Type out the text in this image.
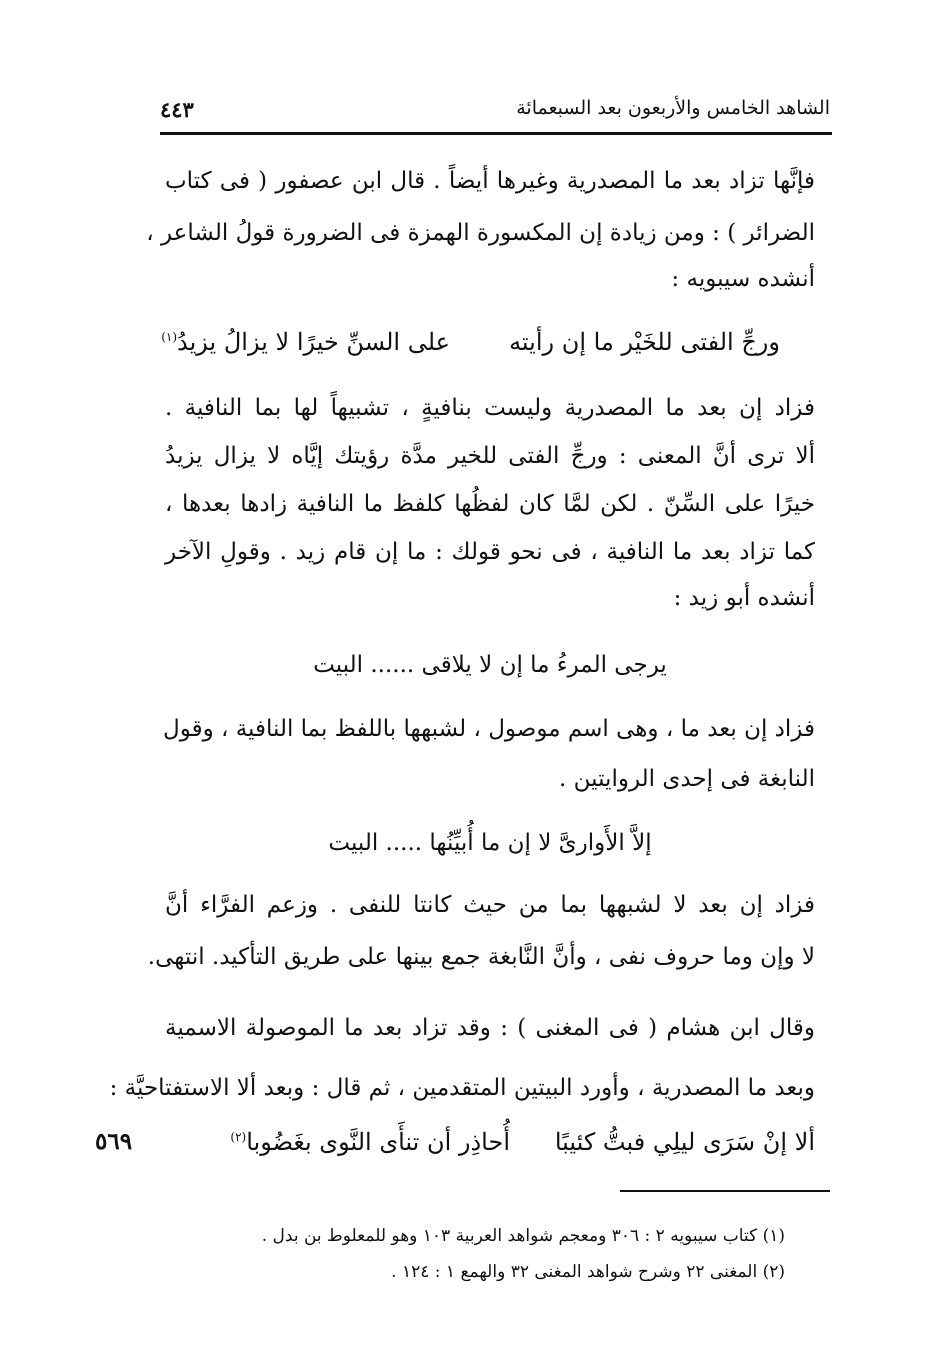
الشاهد الخامس والأربعون بعد السبعمائة
٤٤٣
فإنَّها تزاد بعد ما المصدرية وغيرها أيضاً . قال ابن عصفور ( فى كتاب
الضرائر ) : ومن زيادة إن المكسورة الهمزة فى الضرورة قولُ الشاعر ،
أنشده سيبويه :
ورجِّ الفتى للخَيْر ما إن رأيته
على السنِّ خيرًا لا يزالُ يزيدُ$^{(١)}$
فزاد إن بعد ما المصدرية وليست بنافيةٍ ، تشبيهاً لها بما النافية .
ألا ترى أنَّ المعنى : ورجِّ الفتى للخير مدَّة رؤيتك إيَّاه لا يزال يزيدُ
خيرًا على السِّنّ . لكن لمَّا كان لفظُها كلفظ ما النافية زادها بعدها ،
كما تزاد بعد ما النافية ، فى نحو قولك : ما إن قام زيد . وقولِ الآخر
أنشده أبو زيد :
يرجى المرءُ ما إن لا يلاقى ...... البيت
فزاد إن بعد ما ، وهى اسم موصول ، لشبهها باللفظ بما النافية ، وقول
النابغة فى إحدى الروايتين .
إلاَّ الأَوارىَّ لا إن ما أُبيِّنُها ..... البيت
فزاد إن بعد لا لشبهها بما من حيث كانتا للنفى . وزعم الفرَّاء أنَّ
لا وإن وما حروف نفى ، وأنَّ النَّابغة جمع بينها على طريق التأكيد. انتهى.
وقال ابن هشام ( فى المغنى ) : وقد تزاد بعد ما الموصولة الاسمية
وبعد ما المصدرية ، وأورد البيتين المتقدمين ، ثم قال : وبعد ألا الاستفتاحيَّة :
ألا إنْ سَرَى ليلِي فبتُّ كئيبًا
أُحاذِر أن تنأَى النَّوى بغَضُوبا$^{(٢)}$
٥٦٩
(١) كتاب سيبويه ٢ : ٣٠٦ ومعجم شواهد العربية ١٠٣ وهو للمعلوط بن بدل .
(٢) المغنى ٢٢ وشرح شواهد المغنى ٣٢ والهمع ١ : ١٢٤ .
